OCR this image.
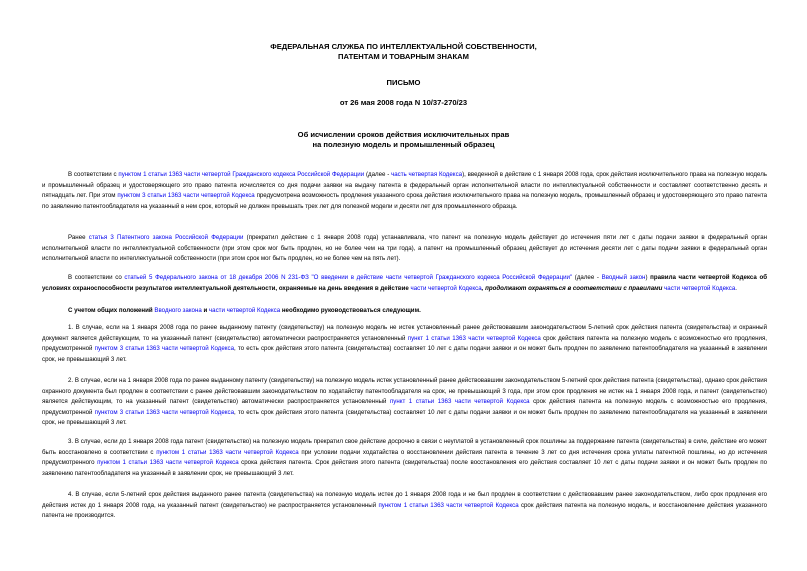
ФЕДЕРАЛЬНАЯ СЛУЖБА ПО ИНТЕЛЛЕКТУАЛЬНОЙ СОБСТВЕННОСТИ,
ПАТЕНТАМ И ТОВАРНЫМ ЗНАКАМ
ПИСЬМО
от 26 мая 2008 года N 10/37-270/23
Об исчислении сроков действия исключительных прав
на полезную модель и промышленный образец
В соответствии с пунктом 1 статьи 1363 части четвертой Гражданского кодекса Российской Федерации (далее - часть четвертая Кодекса), введенной в действие с 1 января 2008 года, срок действия исключительного права на полезную модель и промышленный образец и удостоверяющего это право патента исчисляется со дня подачи заявки на выдачу патента в федеральный орган исполнительной власти по интеллектуальной собственности и составляет соответственно десять и пятнадцать лет. При этом пунктом 3 статьи 1363 части четвертой Кодекса предусмотрена возможность продления указанного срока действия исключительного права на полезную модель, промышленный образец и удостоверяющего это право патента по заявлению патентообладателя на указанный в нем срок, который не должен превышать трех лет для полезной модели и десяти лет для промышленного образца.
Ранее статья 3 Патентного закона Российской Федерации (прекратил действие с 1 января 2008 года) устанавливала, что патент на полезную модель действует до истечения пяти лет с даты подачи заявки в федеральный орган исполнительной власти по интеллектуальной собственности (при этом срок мог быть продлен, но не более чем на три года), а патент на промышленный образец действует до истечения десяти лет с даты подачи заявки в федеральный орган исполнительной власти по интеллектуальной собственности (при этом срок мог быть продлен, но не более чем на пять лет).
В соответствии со статьей 5 Федерального закона от 18 декабря 2006 N 231-ФЗ "О введении в действие части четвертой Гражданского кодекса Российской Федерации" (далее - Вводный закон) правила части четвертой Кодекса об условиях охраноспособности результатов интеллектуальной деятельности, охраняемые на день введения в действие части четвертой Кодекса, продолжают охраняться в соответствии с правилами части четвертой Кодекса.
С учетом общих положений Вводного закона и части четвертой Кодекса необходимо руководствоваться следующим.
1. В случае, если на 1 января 2008 года по ранее выданному патенту (свидетельству) на полезную модель не истек установленный ранее действовавшим законодательством 5-летний срок действия патента (свидетельства) и охранный документ является действующим, то на указанный патент (свидетельство) автоматически распространяется установленный пункт 1 статьи 1363 части четвертой Кодекса срок действия патента на полезную модель с возможностью его продления, предусмотренной пунктом 3 статьи 1363 части четвертой Кодекса, то есть срок действия этого патента (свидетельства) составляет 10 лет с даты подачи заявки и он может быть продлен по заявлению патентообладателя на указанный в заявлении срок, не превышающий 3 лет.
2. В случае, если на 1 января 2008 года по ранее выданному патенту (свидетельству) на полезную модель истек установленный ранее действовавшим законодательством 5-летний срок действия патента (свидетельства), однако срок действия охранного документа был продлен в соответствии с ранее действовавшим законодательством по ходатайству патентообладателя на срок, не превышающий 3 года, при этом срок продления не истек на 1 января 2008 года, и патент (свидетельство) является действующим, то на указанный патент (свидетельство) автоматически распространяется установленный пункт 1 статьи 1363 части четвертой Кодекса срок действия патента на полезную модель с возможностью его продления, предусмотренной пунктом 3 статьи 1363 части четвертой Кодекса, то есть срок действия этого патента (свидетельства) составляет 10 лет с даты подачи заявки и он может быть продлен по заявлению патентообладателя на указанный в заявлении срок, не превышающий 3 лет.
3. В случае, если до 1 января 2008 года патент (свидетельство) на полезную модель прекратил свое действие досрочно в связи с неуплатой в установленный срок пошлины за поддержание патента (свидетельства) в силе, действие его может быть восстановлено в соответствии с пунктом 1 статьи 1363 части четвертой Кодекса при условии подачи ходатайства о восстановлении действия патента в течение 3 лет со дня истечения срока уплаты патентной пошлины, но до истечения предусмотренного пунктом 1 статьи 1363 части четвертой Кодекса срока действия патента. Срок действия этого патента (свидетельства) после восстановления его действия составляет 10 лет с даты подачи заявки и он может быть продлен по заявлению патентообладателя на указанный в заявлении срок, не превышающий 3 лет.
4. В случае, если 5-летний срок действия выданного ранее патента (свидетельства) на полезную модель истек до 1 января 2008 года и не был продлен в соответствии с действовавшим ранее законодательством, либо срок продления его действия истек до 1 января 2008 года, на указанный патент (свидетельство) не распространяется установленный пунктом 1 статьи 1363 части четвертой Кодекса срок действия патента на полезную модель, и восстановление действия указанного патента не производится.
